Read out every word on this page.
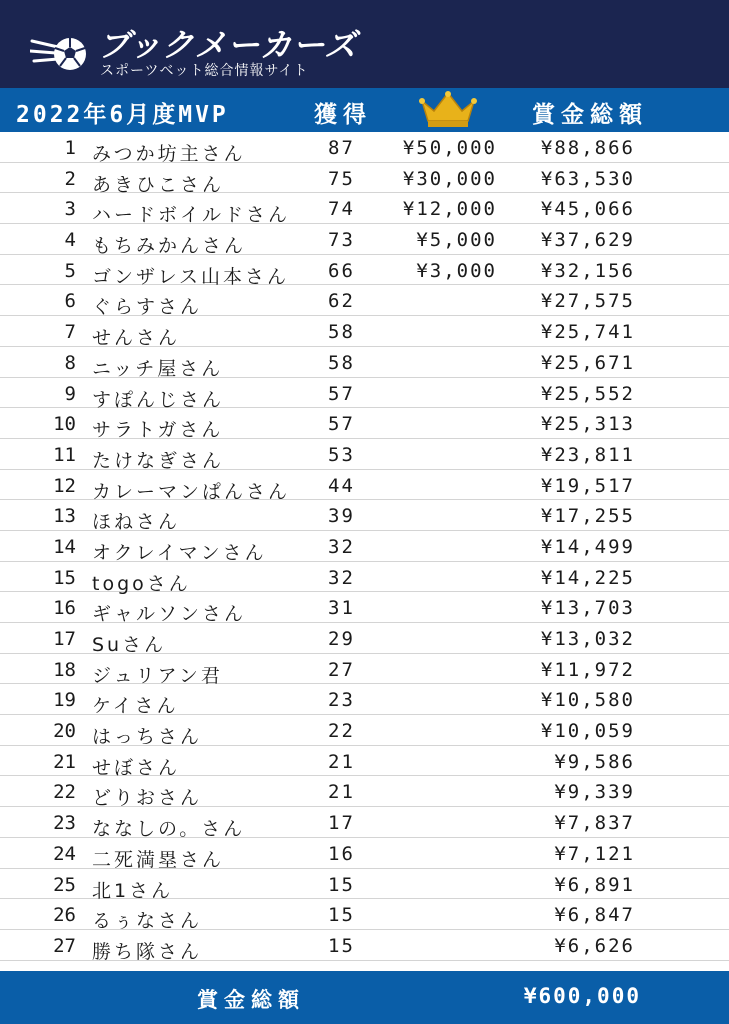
ブックメーカーズ
スポーツベット総合情報サイト
2022年6月度MVP	獲得	賞金総額
1 みつか坊主さん	87	¥50,000 ¥88,866
2 あきひこさん	75	¥30,000 ¥63,530
3 ハードボイルドさん 74	¥12,000 ¥45,066
4 もちみかんさん	73	¥5,000 ¥37,629
5 ゴンザレス山本さん 66	¥3,000 ¥32,156
6 ぐらすさん	62	¥27,575
7 せんさん	58	¥25,741
8 ニッチ屋さん	58	¥25,671
9 すぽんじさん	57	¥25,552
10 サラトガさん	57	¥25,313
11 たけなぎさん	53	¥23,811
12 カレーマンぱんさん 44	¥19,517
13 ほねさん	39	¥17,255
14 オクレイマンさん	32	¥14,499
15 togoさん	32	¥14,225
16 ギャルソンさん	31	¥13,703
17 Suさん	29	¥13,032
18 ジュリアン君	27	¥11,972
19 ケイさん	23	¥10,580
20 はっちさん	22	¥10,059
21 せぼさん	21	¥9,586
22 どりおさん	21	¥9,339
23 ななしの。さん	17	¥7,837
24 二死満塁さん	16	¥7,121
25 北1さん	15	¥6,891
26 るぅなさん	15	¥6,847
27 勝ち隊さん	15	¥6,626
賞金総額	¥600,000
